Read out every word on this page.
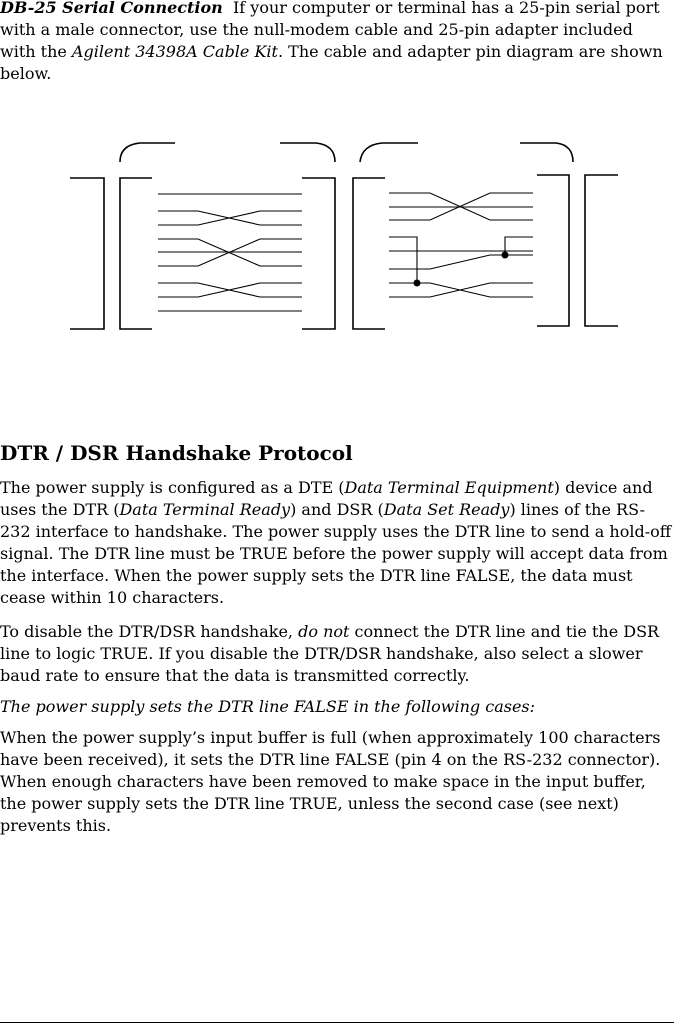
DB-25 Serial Connection If your computer or terminal has a 25-pin serial port with a male connector, use the null-modem cable and 25-pin adapter included with the Agilent 34398A Cable Kit. The cable and adapter pin diagram are shown below.

DTR / DSR Handshake Protocol

The power supply is configured as a DTE (Data Terminal Equipment) device and uses the DTR (Data Terminal Ready) and DSR (Data Set Ready) lines of the RS-232 interface to handshake. The power supply uses the DTR line to send a hold-off signal. The DTR line must be TRUE before the power supply will accept data from the interface. When the power supply sets the DTR line FALSE, the data must cease within 10 characters.

To disable the DTR/DSR handshake, do not connect the DTR line and tie the DSR line to logic TRUE. If you disable the DTR/DSR handshake, also select a slower baud rate to ensure that the data is transmitted correctly.

The power supply sets the DTR line FALSE in the following cases:

When the power supply’s input buffer is full (when approximately 100 characters have been received), it sets the DTR line FALSE (pin 4 on the RS-232 connector). When enough characters have been removed to make space in the input buffer, the power supply sets the DTR line TRUE, unless the second case (see next) prevents this.
